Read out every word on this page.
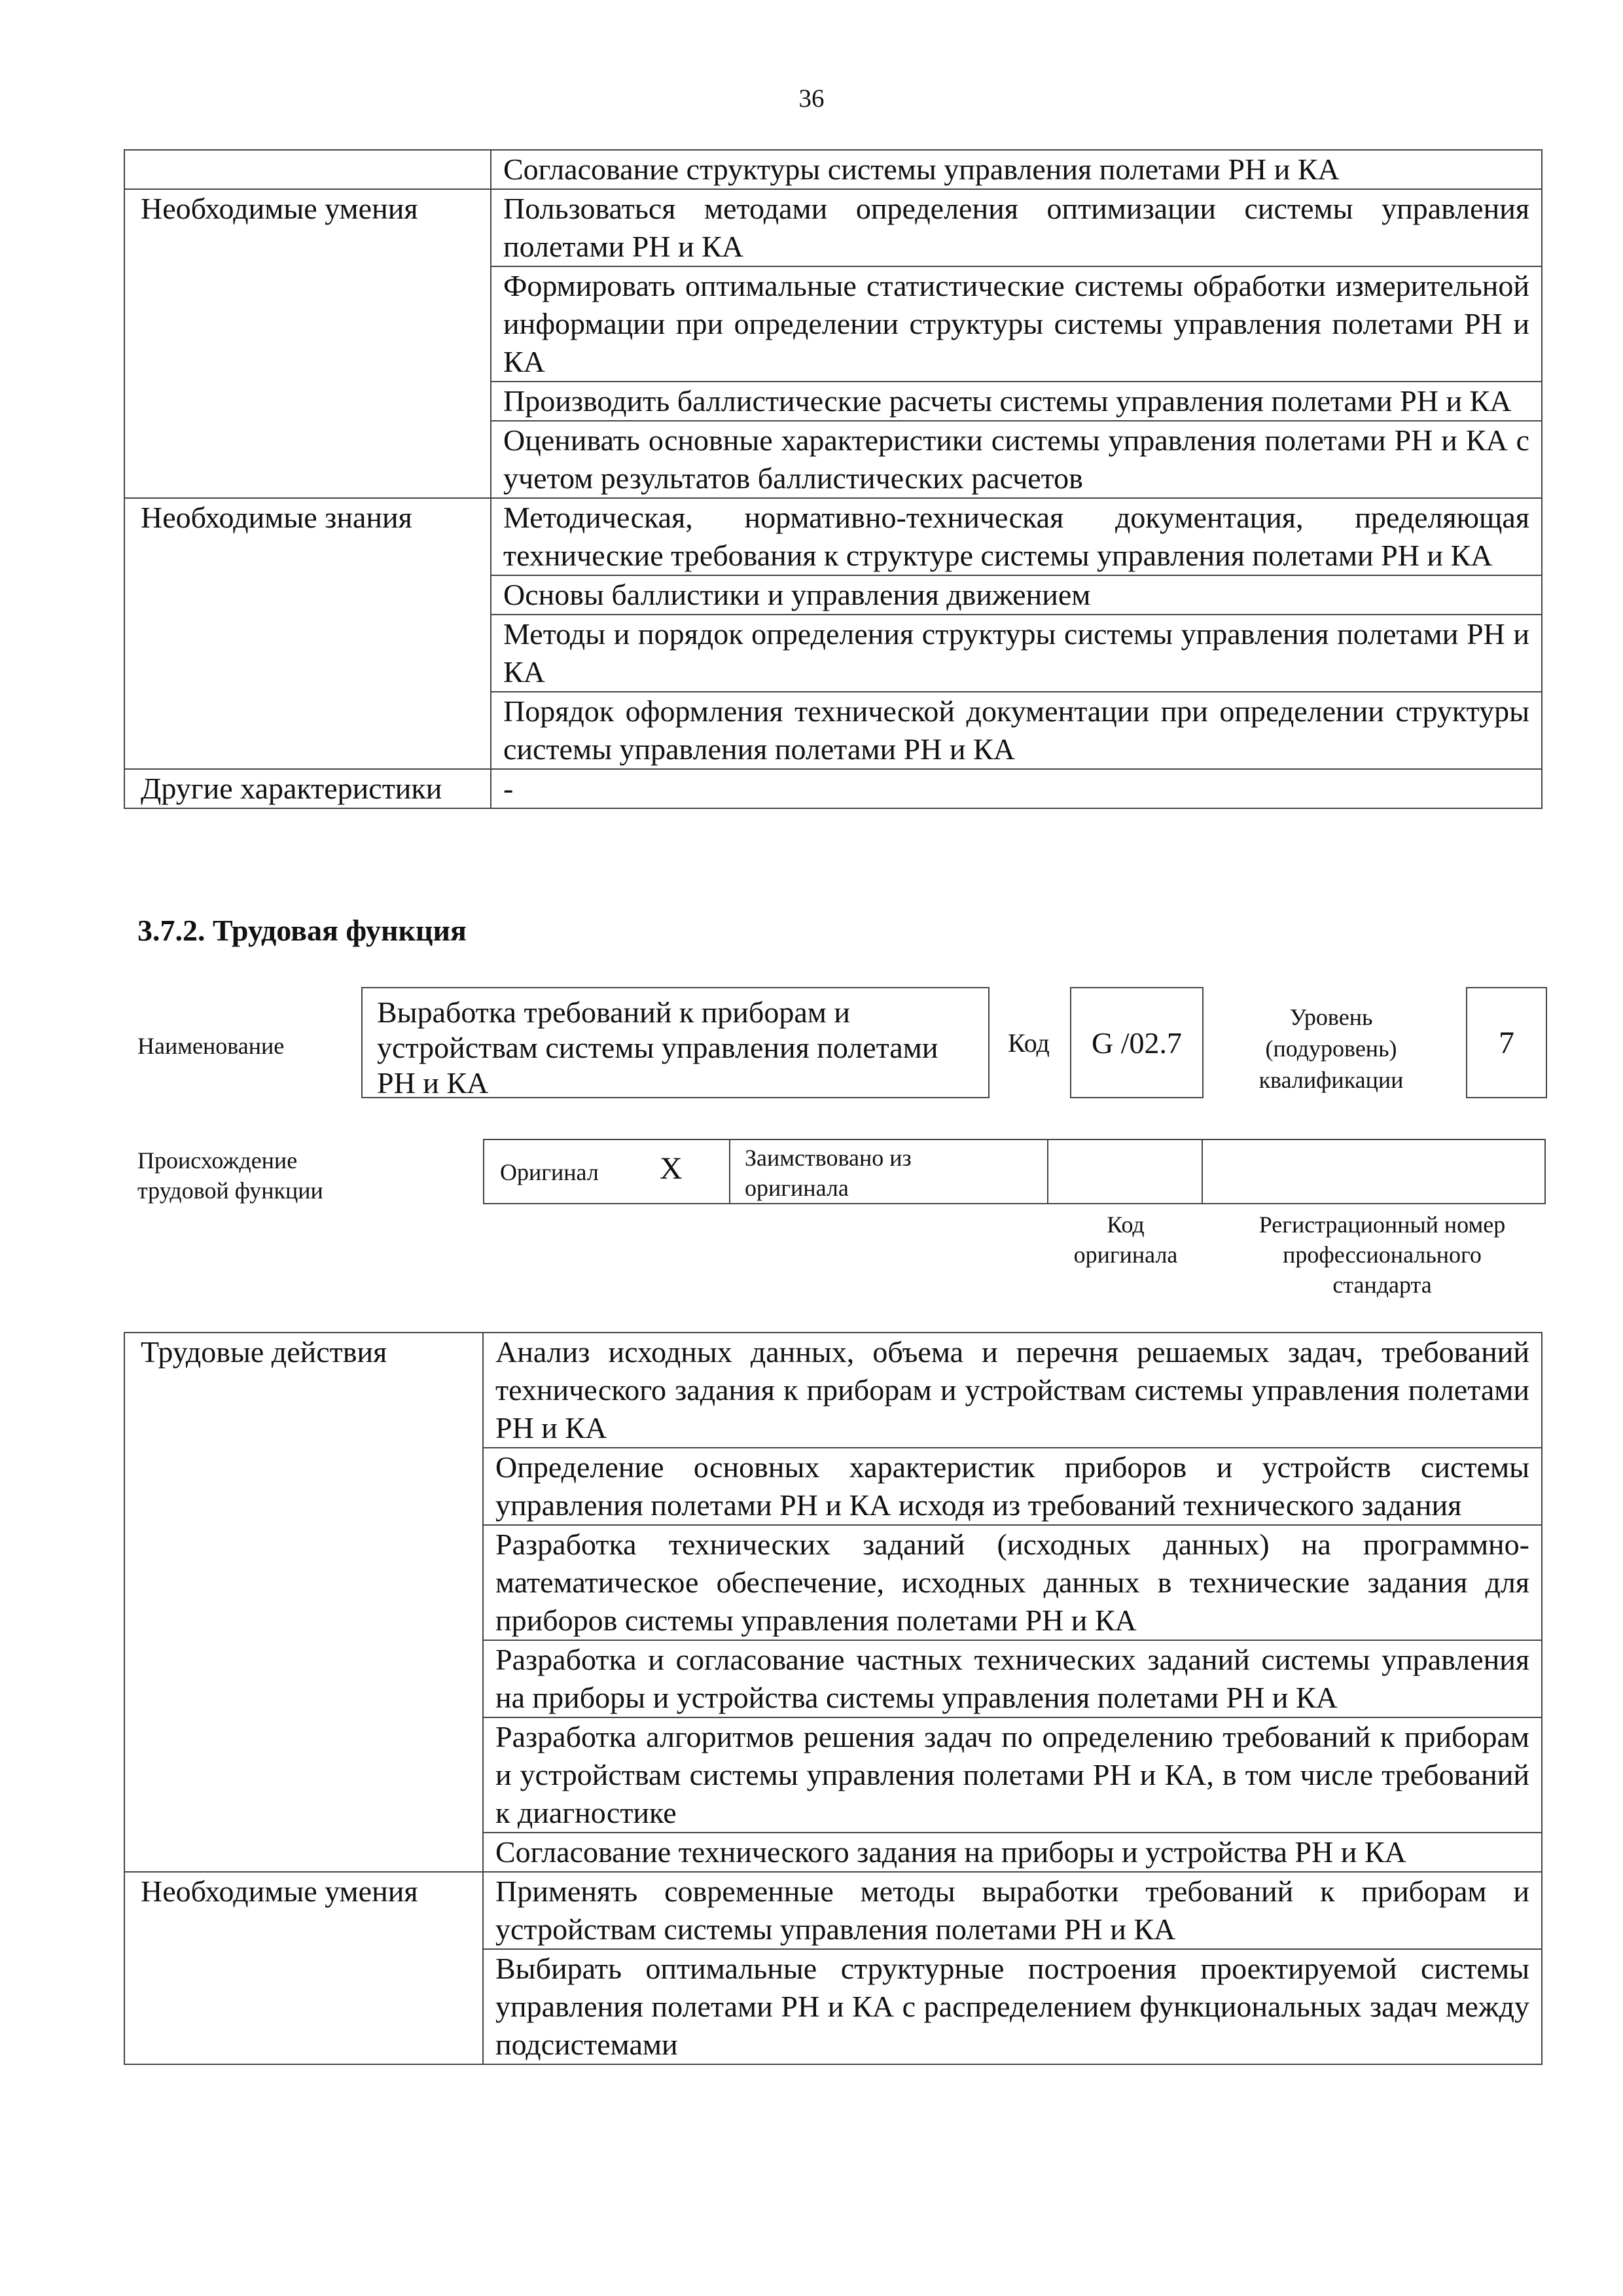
36
	Согласование структуры системы управления полетами РН и КА
Необходимые умения	Пользоваться методами определения оптимизации системы управления полетами РН и КА
	Формировать оптимальные статистические системы обработки измерительной информации при определении структуры системы управления полетами РН и КА
	Производить баллистические расчеты системы управления полетами РН и КА
	Оценивать основные характеристики системы управления полетами РН и КА с учетом результатов баллистических расчетов
Необходимые знания	Методическая, нормативно-техническая документация, пределяющая технические требования к структуре системы управления полетами РН и КА
	Основы баллистики и управления движением
	Методы и порядок определения структуры системы управления полетами РН и КА
	Порядок оформления технической документации при определении структуры системы управления полетами РН и КА
Другие характеристики	-
3.7.2. Трудовая функция
Наименование
Выработка требований к приборам и устройствам системы управления полетами РН и КА
Код G /02.7
Уровень (подуровень) квалификации
7
Происхождение трудовой функции
Оригинал X	Заимствовано из оригинала
Код оригинала
Регистрационный номер профессионального стандарта
Трудовые действия	Анализ исходных данных, объема и перечня решаемых задач, требований технического задания к приборам и устройствам системы управления полетами РН и КА
	Определение основных характеристик приборов и устройств системы управления полетами РН и КА исходя из требований технического задания
	Разработка технических заданий (исходных данных) на программно-математическое обеспечение, исходных данных в технические задания для приборов системы управления полетами РН и КА
	Разработка и согласование частных технических заданий системы управления на приборы и устройства системы управления полетами РН и КА
	Разработка алгоритмов решения задач по определению требований к приборам и устройствам системы управления полетами РН и КА, в том числе требований к диагностике
	Согласование технического задания на приборы и устройства РН и КА
Необходимые умения	Применять современные методы выработки требований к приборам и устройствам системы управления полетами РН и КА
	Выбирать оптимальные структурные построения проектируемой системы управления полетами РН и КА с распределением функциональных задач между подсистемами
